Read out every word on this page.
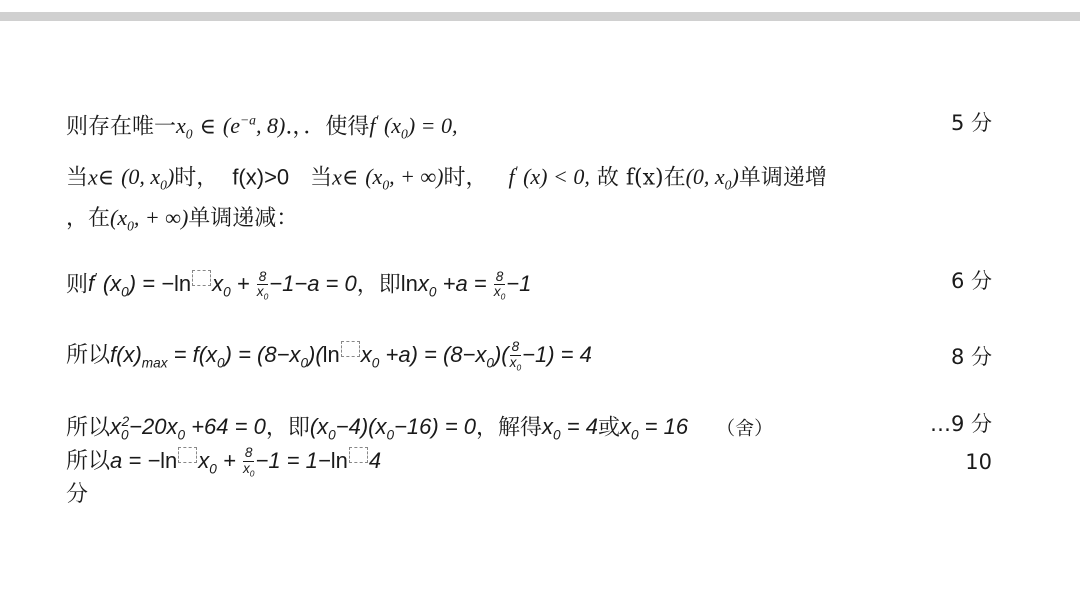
则存在唯一$x_0$ ∈ ($e^{-a}$, 8).，．使得f′ $(x_0) = 0$,	5 分
当x∈ (0, $x_0$)时， f(x)>0 当x∈ ($x_0$, + ∞)时， f′ (x) < 0, 故 f(x)在(0, $x_0$)单调递增
，在($x_0$, + ∞)单调递减：
则f′ $(x_0) = -\ln$ $x_0 + \frac{8}{x_0} -1-a = 0$，即$\ln x_0 +a = \frac{8}{x_0} -1$	6 分
所以$f(x)_{max} = f(x_0) = (8-x_0)(\ln$ $x_0 +a) = (8-x_0)( \frac{8}{x_0} -1) = 4$	8 分
所以$x_0^2-20x_0 +64 = 0$，即$(x_0-4)(x_0-16) = 0$，解得$x_0 = 4$或$x_0 = 16$ （舍）	…9 分
所以a = −ln $x_0 + \frac{8}{x_0} -1 = 1-\ln$ 4	10
分
